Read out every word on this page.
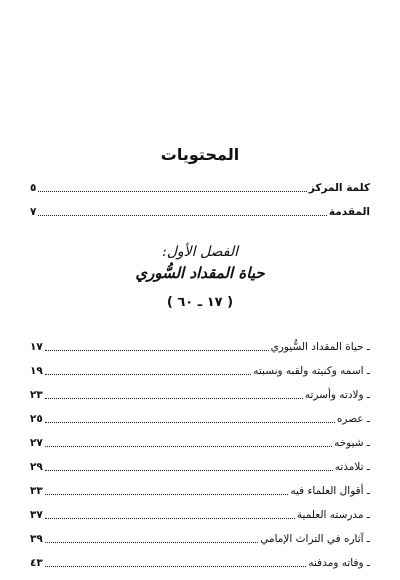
المحتويات
كلمة المركز
٥
المقدمة
٧
الفصل الأول:
حياة المقداد السُّوري
( ١٧ ـ ٦٠ )
ـ حياة المقداد السُّيوري
١٧
ـ اسمه وكنيته ولقبه ونسبته
١٩
ـ ولادته وأسرته
٢٣
ـ عصره
٢٥
ـ شيوخه
٢٧
ـ تلامذته
٢٩
ـ أقوال العلماء فيه
٣٣
ـ مدرسته العلمية
٣٧
ـ آثاره في التراث الإمامي
٣٩
ـ وفاته ومدفنه
٤٣
